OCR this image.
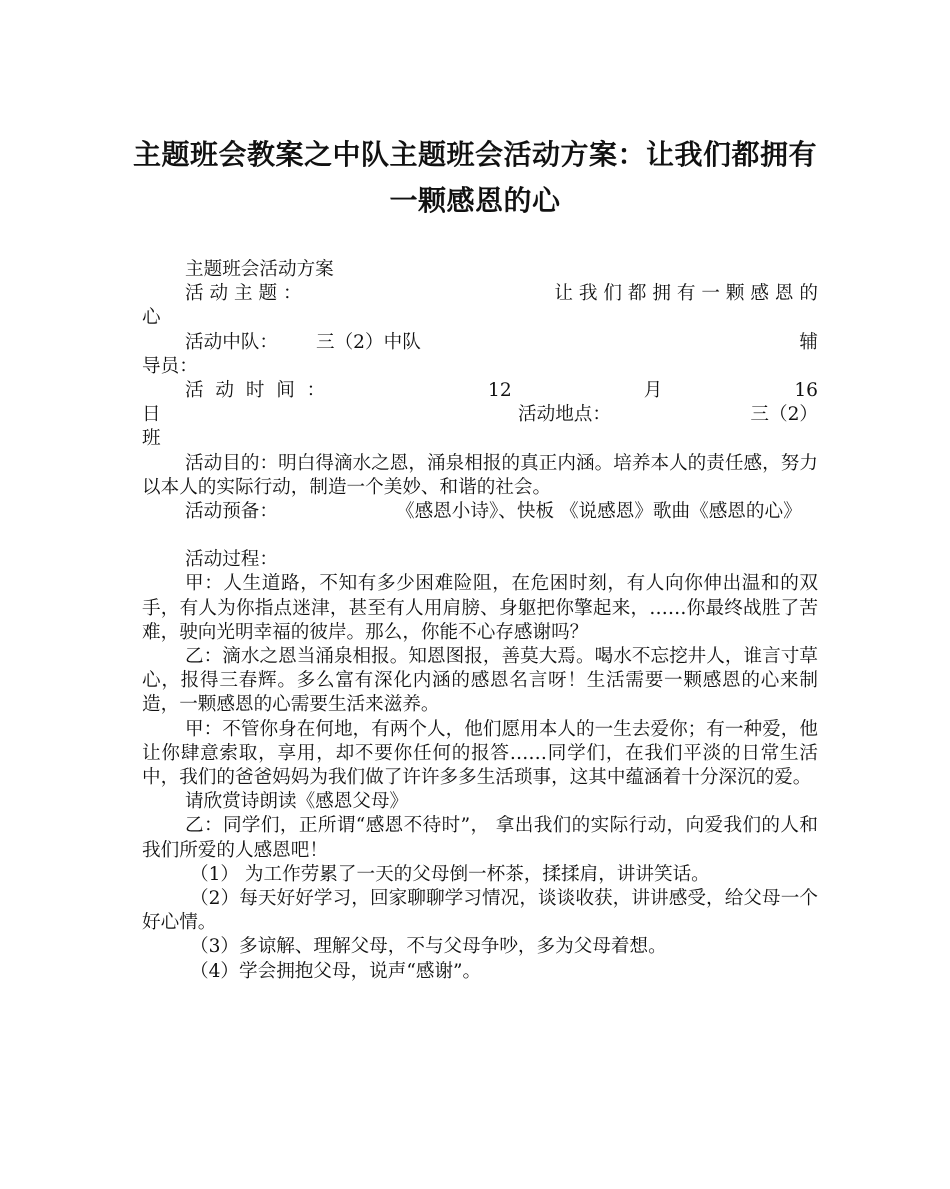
主题班会教案之中队主题班会活动方案：让我们都拥有
一颗感恩的心

主题班会活动方案

活 动 主 题 ：	让 我 们 都 拥 有 一 颗 感 恩 的
心
活动中队： 三（2）中队	辅
导员：
活  动  时  间  ：	12	月	16
日	活动地点：	三（2）
班

活动目的：明白得滴水之恩，涌泉相报的真正内涵。培养本人的责任感，努力以本人的实际行动，制造一个美妙、和谐的社会。

活动预备：	《感恩小诗》、快板 《说感恩》歌曲《感恩的心》

活动过程：

甲：人生道路，不知有多少困难险阻，在危困时刻，有人向你伸出温和的双手，有人为你指点迷津，甚至有人用肩膀、身躯把你擎起来，……你最终战胜了苦难，驶向光明幸福的彼岸。那么，你能不心存感谢吗？

乙：滴水之恩当涌泉相报。知恩图报，善莫大焉。喝水不忘挖井人，谁言寸草心，报得三春辉。多么富有深化内涵的感恩名言呀！生活需要一颗感恩的心来制造，一颗感恩的心需要生活来滋养。

甲：不管你身在何地，有两个人，他们愿用本人的一生去爱你；有一种爱，他让你肆意索取，享用，却不要你任何的报答……同学们，在我们平淡的日常生活中，我们的爸爸妈妈为我们做了许许多多生活琐事，这其中蕴涵着十分深沉的爱。

请欣赏诗朗读《感恩父母》

乙：同学们，正所谓“感恩不待时”， 拿出我们的实际行动，向爱我们的人和我们所爱的人感恩吧！

（1） 为工作劳累了一天的父母倒一杯茶，揉揉肩，讲讲笑话。

（2）每天好好学习，回家聊聊学习情况，谈谈收获，讲讲感受，给父母一个好心情。

（3）多谅解、理解父母，不与父母争吵，多为父母着想。

（4）学会拥抱父母，说声“感谢”。
